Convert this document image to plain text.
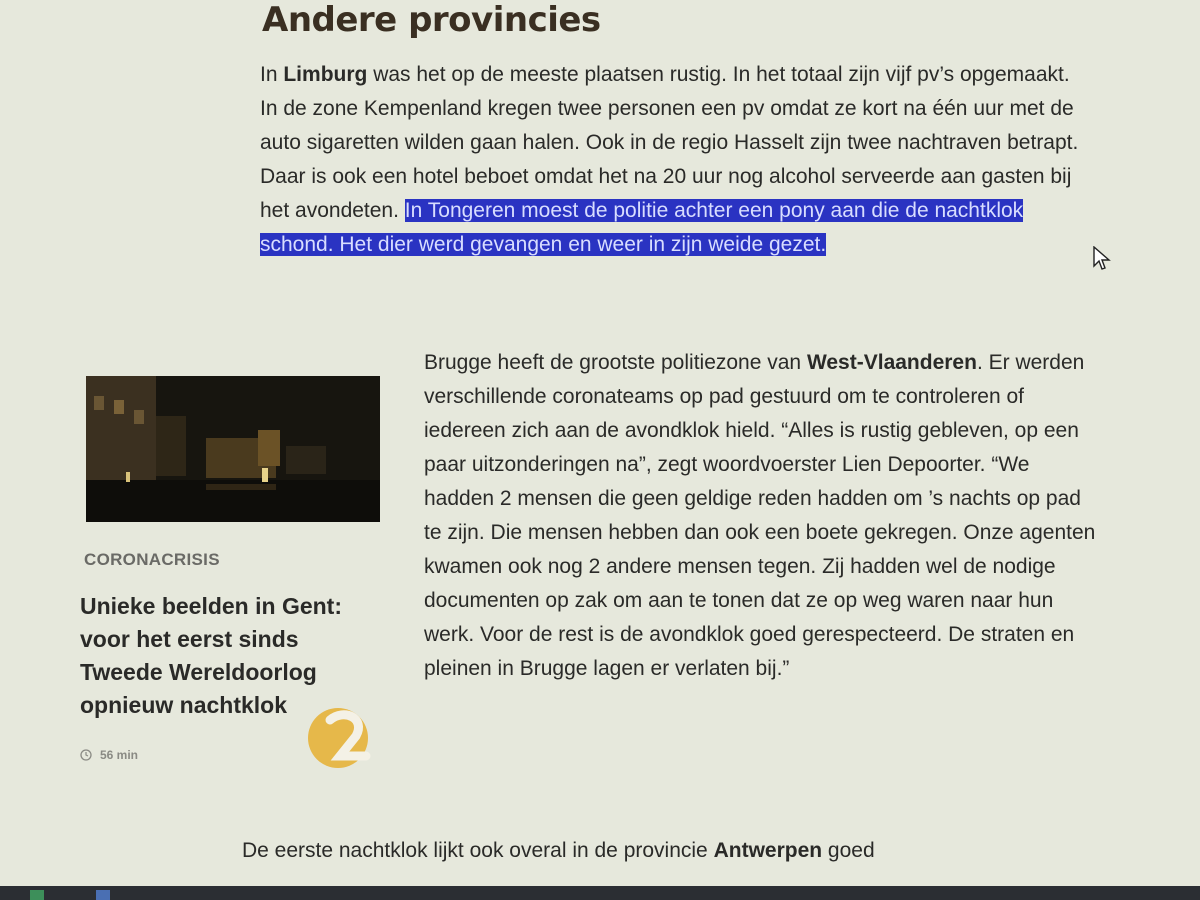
Andere provincies

In Limburg was het op de meeste plaatsen rustig. In het totaal zijn vijf pv’s opgemaakt. In de zone Kempenland kregen twee personen een pv omdat ze kort na één uur met de auto sigaretten wilden gaan halen. Ook in de regio Hasselt zijn twee nachtraven betrapt. Daar is ook een hotel beboet omdat het na 20 uur nog alcohol serveerde aan gasten bij het avondeten. In Tongeren moest de politie achter een pony aan die de nachtklok schond. Het dier werd gevangen en weer in zijn weide gezet.

CORONACRISIS
Unieke beelden in Gent: voor het eerst sinds Tweede Wereldoorlog opnieuw nachtklok
56 min

Brugge heeft de grootste politiezone van West-Vlaanderen. Er werden verschillende coronateams op pad gestuurd om te controleren of iedereen zich aan de avondklok hield. “Alles is rustig gebleven, op een paar uitzonderingen na”, zegt woordvoerster Lien Depoorter. “We hadden 2 mensen die geen geldige reden hadden om ’s nachts op pad te zijn. Die mensen hebben dan ook een boete gekregen. Onze agenten kwamen ook nog 2 andere mensen tegen. Zij hadden wel de nodige documenten op zak om aan te tonen dat ze op weg waren naar hun werk. Voor de rest is de avondklok goed gerespecteerd. De straten en pleinen in Brugge lagen er verlaten bij.”

De eerste nachtklok lijkt ook overal in de provincie Antwerpen goed
